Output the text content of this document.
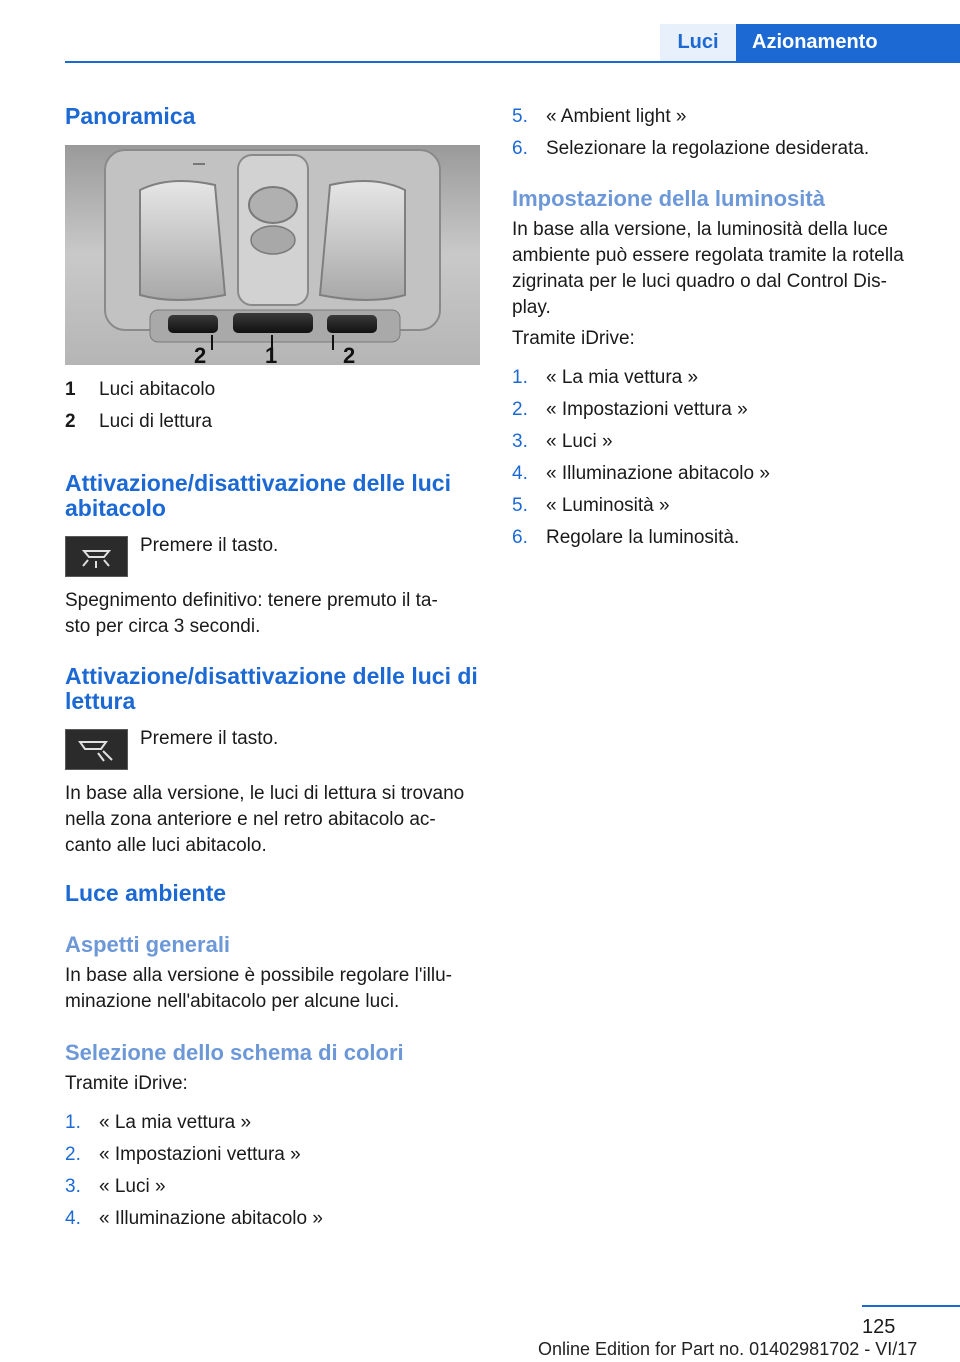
Luci	Azionamento
Panoramica
2	1	2
1 Luci abitacolo
2 Luci di lettura
Attivazione/disattivazione delle luci
abitacolo
Premere il tasto.
Spegnimento definitivo: tenere premuto il ta-
sto per circa 3 secondi.
Attivazione/disattivazione delle luci di
lettura
Premere il tasto.
In base alla versione, le luci di lettura si trovano
nella zona anteriore e nel retro abitacolo ac-
canto alle luci abitacolo.
Luce ambiente
Aspetti generali
In base alla versione è possibile regolare l'illu-
minazione nell'abitacolo per alcune luci.
Selezione dello schema di colori
Tramite iDrive:
1. « La mia vettura »
2. « Impostazioni vettura »
3. « Luci »
4. « Illuminazione abitacolo »
5. « Ambient light »
6. Selezionare la regolazione desiderata.
Impostazione della luminosità
In base alla versione, la luminosità della luce
ambiente può essere regolata tramite la rotella
zigrinata per le luci quadro o dal Control Dis-
play.
Tramite iDrive:
1. « La mia vettura »
2. « Impostazioni vettura »
3. « Luci »
4. « Illuminazione abitacolo »
5. « Luminosità »
6. Regolare la luminosità.
125
Online Edition for Part no. 01402981702 - VI/17
